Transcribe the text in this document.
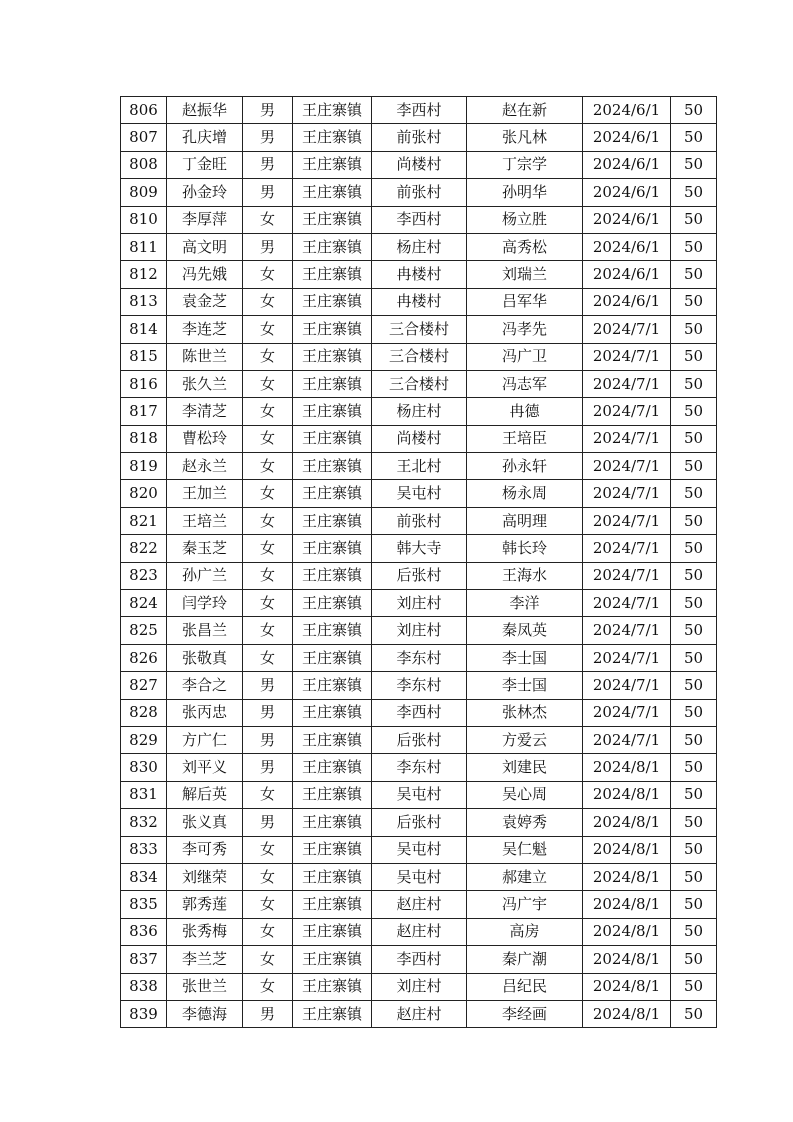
806	赵振华	男	王庄寨镇	李西村	赵在新	2024/6/1	50
807	孔庆增	男	王庄寨镇	前张村	张凡林	2024/6/1	50
808	丁金旺	男	王庄寨镇	尚楼村	丁宗学	2024/6/1	50
809	孙金玲	男	王庄寨镇	前张村	孙明华	2024/6/1	50
810	李厚萍	女	王庄寨镇	李西村	杨立胜	2024/6/1	50
811	高文明	男	王庄寨镇	杨庄村	高秀松	2024/6/1	50
812	冯先娥	女	王庄寨镇	冉楼村	刘瑞兰	2024/6/1	50
813	袁金芝	女	王庄寨镇	冉楼村	吕军华	2024/6/1	50
814	李连芝	女	王庄寨镇	三合楼村	冯孝先	2024/7/1	50
815	陈世兰	女	王庄寨镇	三合楼村	冯广卫	2024/7/1	50
816	张久兰	女	王庄寨镇	三合楼村	冯志军	2024/7/1	50
817	李清芝	女	王庄寨镇	杨庄村	冉德	2024/7/1	50
818	曹松玲	女	王庄寨镇	尚楼村	王培臣	2024/7/1	50
819	赵永兰	女	王庄寨镇	王北村	孙永轩	2024/7/1	50
820	王加兰	女	王庄寨镇	吴屯村	杨永周	2024/7/1	50
821	王培兰	女	王庄寨镇	前张村	高明理	2024/7/1	50
822	秦玉芝	女	王庄寨镇	韩大寺	韩长玲	2024/7/1	50
823	孙广兰	女	王庄寨镇	后张村	王海水	2024/7/1	50
824	闫学玲	女	王庄寨镇	刘庄村	李洋	2024/7/1	50
825	张昌兰	女	王庄寨镇	刘庄村	秦凤英	2024/7/1	50
826	张敬真	女	王庄寨镇	李东村	李士国	2024/7/1	50
827	李合之	男	王庄寨镇	李东村	李士国	2024/7/1	50
828	张丙忠	男	王庄寨镇	李西村	张林杰	2024/7/1	50
829	方广仁	男	王庄寨镇	后张村	方爱云	2024/7/1	50
830	刘平义	男	王庄寨镇	李东村	刘建民	2024/8/1	50
831	解后英	女	王庄寨镇	吴屯村	吴心周	2024/8/1	50
832	张义真	男	王庄寨镇	后张村	袁婷秀	2024/8/1	50
833	李可秀	女	王庄寨镇	吴屯村	吴仁魁	2024/8/1	50
834	刘继荣	女	王庄寨镇	吴屯村	郝建立	2024/8/1	50
835	郭秀莲	女	王庄寨镇	赵庄村	冯广宇	2024/8/1	50
836	张秀梅	女	王庄寨镇	赵庄村	高房	2024/8/1	50
837	李兰芝	女	王庄寨镇	李西村	秦广潮	2024/8/1	50
838	张世兰	女	王庄寨镇	刘庄村	吕纪民	2024/8/1	50
839	李德海	男	王庄寨镇	赵庄村	李经画	2024/8/1	50
